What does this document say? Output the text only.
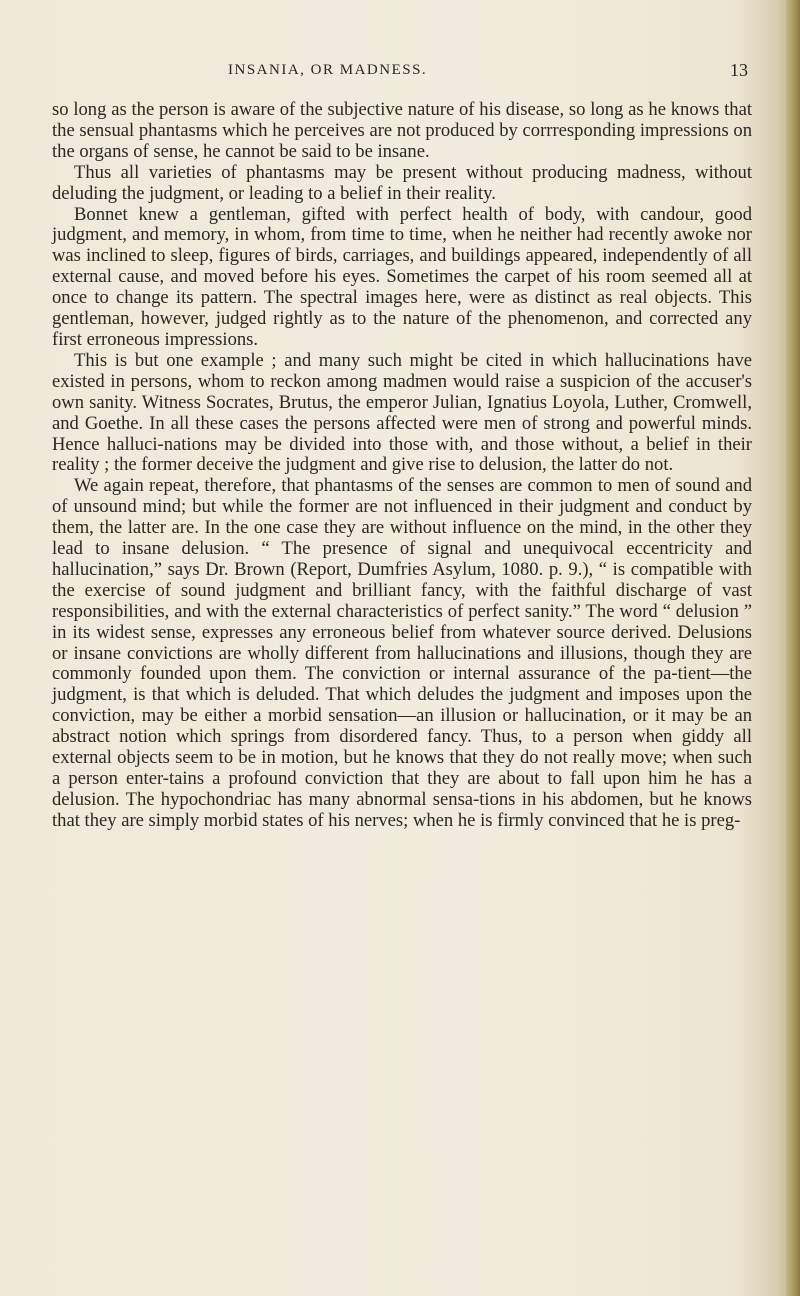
INSANIA, OR MADNESS.	13

so long as the person is aware of the subjective nature of his disease, so long as he knows that the sensual phantasms which he perceives are not produced by corrresponding impressions on the organs of sense, he cannot be said to be insane.

Thus all varieties of phantasms may be present without producing madness, without deluding the judgment, or leading to a belief in their reality.

Bonnet knew a gentleman, gifted with perfect health of body, with candour, good judgment, and memory, in whom, from time to time, when he neither had recently awoke nor was inclined to sleep, figures of birds, carriages, and buildings appeared, independently of all external cause, and moved before his eyes. Sometimes the carpet of his room seemed all at once to change its pattern. The spectral images here, were as distinct as real objects. This gentleman, however, judged rightly as to the nature of the phenomenon, and corrected any first erroneous impressions.

This is but one example ; and many such might be cited in which hallucinations have existed in persons, whom to reckon among madmen would raise a suspicion of the accuser's own sanity. Witness Socrates, Brutus, the emperor Julian, Ignatius Loyola, Luther, Cromwell, and Goethe. In all these cases the persons affected were men of strong and powerful minds. Hence halluci-nations may be divided into those with, and those without, a belief in their reality ; the former deceive the judgment and give rise to delusion, the latter do not.

We again repeat, therefore, that phantasms of the senses are common to men of sound and of unsound mind; but while the former are not influenced in their judgment and conduct by them, the latter are. In the one case they are without influence on the mind, in the other they lead to insane delusion. “ The presence of signal and unequivocal eccentricity and hallucination,” says Dr. Brown (Report, Dumfries Asylum, 1080. p. 9.), “ is compatible with the exercise of sound judgment and brilliant fancy, with the faithful discharge of vast responsibilities, and with the external characteristics of perfect sanity.” The word “ delusion ” in its widest sense, expresses any erroneous belief from whatever source derived. Delusions or insane convictions are wholly different from hallucinations and illusions, though they are commonly founded upon them. The conviction or internal assurance of the pa-tient—the judgment, is that which is deluded. That which deludes the judgment and imposes upon the conviction, may be either a morbid sensation—an illusion or hallucination, or it may be an abstract notion which springs from disordered fancy. Thus, to a person when giddy all external objects seem to be in motion, but he knows that they do not really move; when such a person enter-tains a profound conviction that they are about to fall upon him he has a delusion. The hypochondriac has many abnormal sensa-tions in his abdomen, but he knows that they are simply morbid states of his nerves; when he is firmly convinced that he is preg-
